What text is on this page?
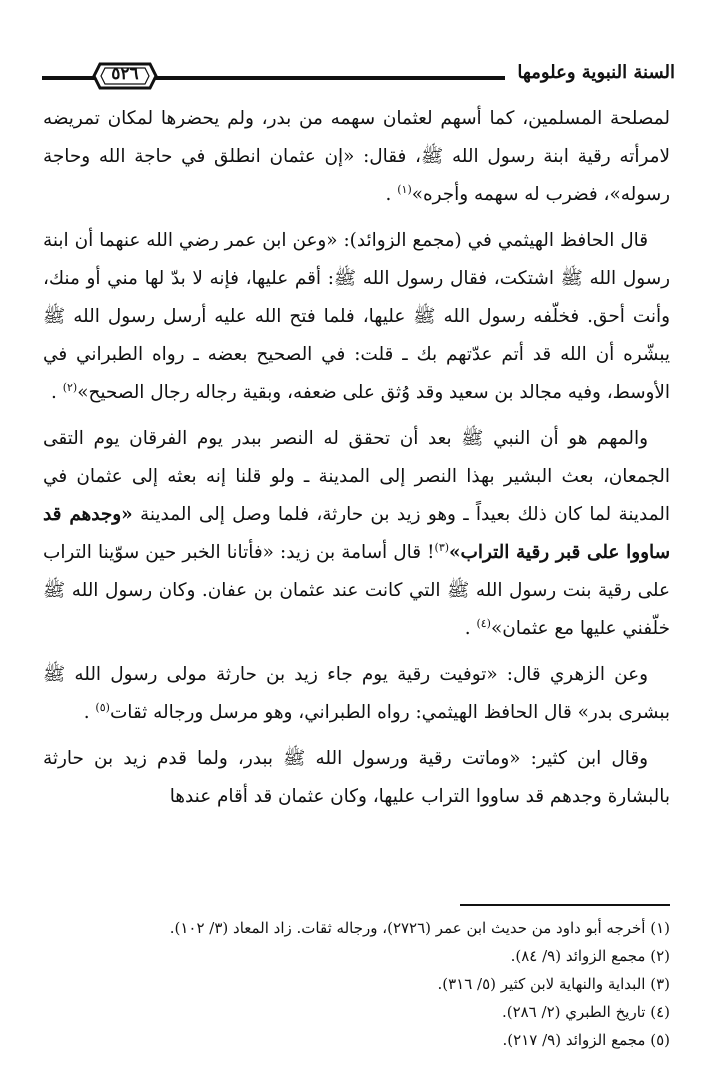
السنة النبوية وعلومها
٥٢٦

لمصلحة المسلمين، كما أسهم لعثمان سهمه من بدر، ولم يحضرها لمكان تمريضه لامرأته رقية ابنة رسول الله ﷺ، فقال: «إن عثمان انطلق في حاجة الله وحاجة رسوله»، فضرب له سهمه وأجره»$^{(١)}$ .

قال الحافظ الهيثمي في (مجمع الزوائد): «وعن ابن عمر رضي الله عنهما أن ابنة رسول الله ﷺ اشتكت، فقال رسول الله ﷺ: أقم عليها، فإنه لا بدّ لها مني أو منك، وأنت أحق. فخلّفه رسول الله ﷺ عليها، فلما فتح الله عليه أرسل رسول الله ﷺ يبشّره أن الله قد أتم عدّتهم بك ـ قلت: في الصحيح بعضه ـ رواه الطبراني في الأوسط، وفيه مجالد بن سعيد وقد وُثق على ضعفه، وبقية رجاله رجال الصحيح»$^{(٢)}$ .

والمهم هو أن النبي ﷺ بعد أن تحقق له النصر ببدر يوم الفرقان يوم التقى الجمعان، بعث البشير بهذا النصر إلى المدينة ـ ولو قلنا إنه بعثه إلى عثمان في المدينة لما كان ذلك بعيداً ـ وهو زيد بن حارثة، فلما وصل إلى المدينة «وجدهم قد ساووا على قبر رقية التراب»$^{(٣)}$! قال أسامة بن زيد: «فأتانا الخبر حين سوّينا التراب على رقية بنت رسول الله ﷺ التي كانت عند عثمان بن عفان. وكان رسول الله ﷺ خلّفني عليها مع عثمان»$^{(٤)}$ .

وعن الزهري قال: «توفيت رقية يوم جاء زيد بن حارثة مولى رسول الله ﷺ ببشرى بدر» قال الحافظ الهيثمي: رواه الطبراني، وهو مرسل ورجاله ثقات$^{(٥)}$ .

وقال ابن كثير: «وماتت رقية ورسول الله ﷺ ببدر، ولما قدم زيد بن حارثة بالبشارة وجدهم قد ساووا التراب عليها، وكان عثمان قد أقام عندها

(١) أخرجه أبو داود من حديث ابن عمر (٢٧٢٦)، ورجاله ثقات. زاد المعاد (٣/ ١٠٢).

(٢) مجمع الزوائد (٩/ ٨٤).

(٣) البداية والنهاية لابن كثير (٥/ ٣١٦).

(٤) تاريخ الطبري (٢/ ٢٨٦).

(٥) مجمع الزوائد (٩/ ٢١٧).
